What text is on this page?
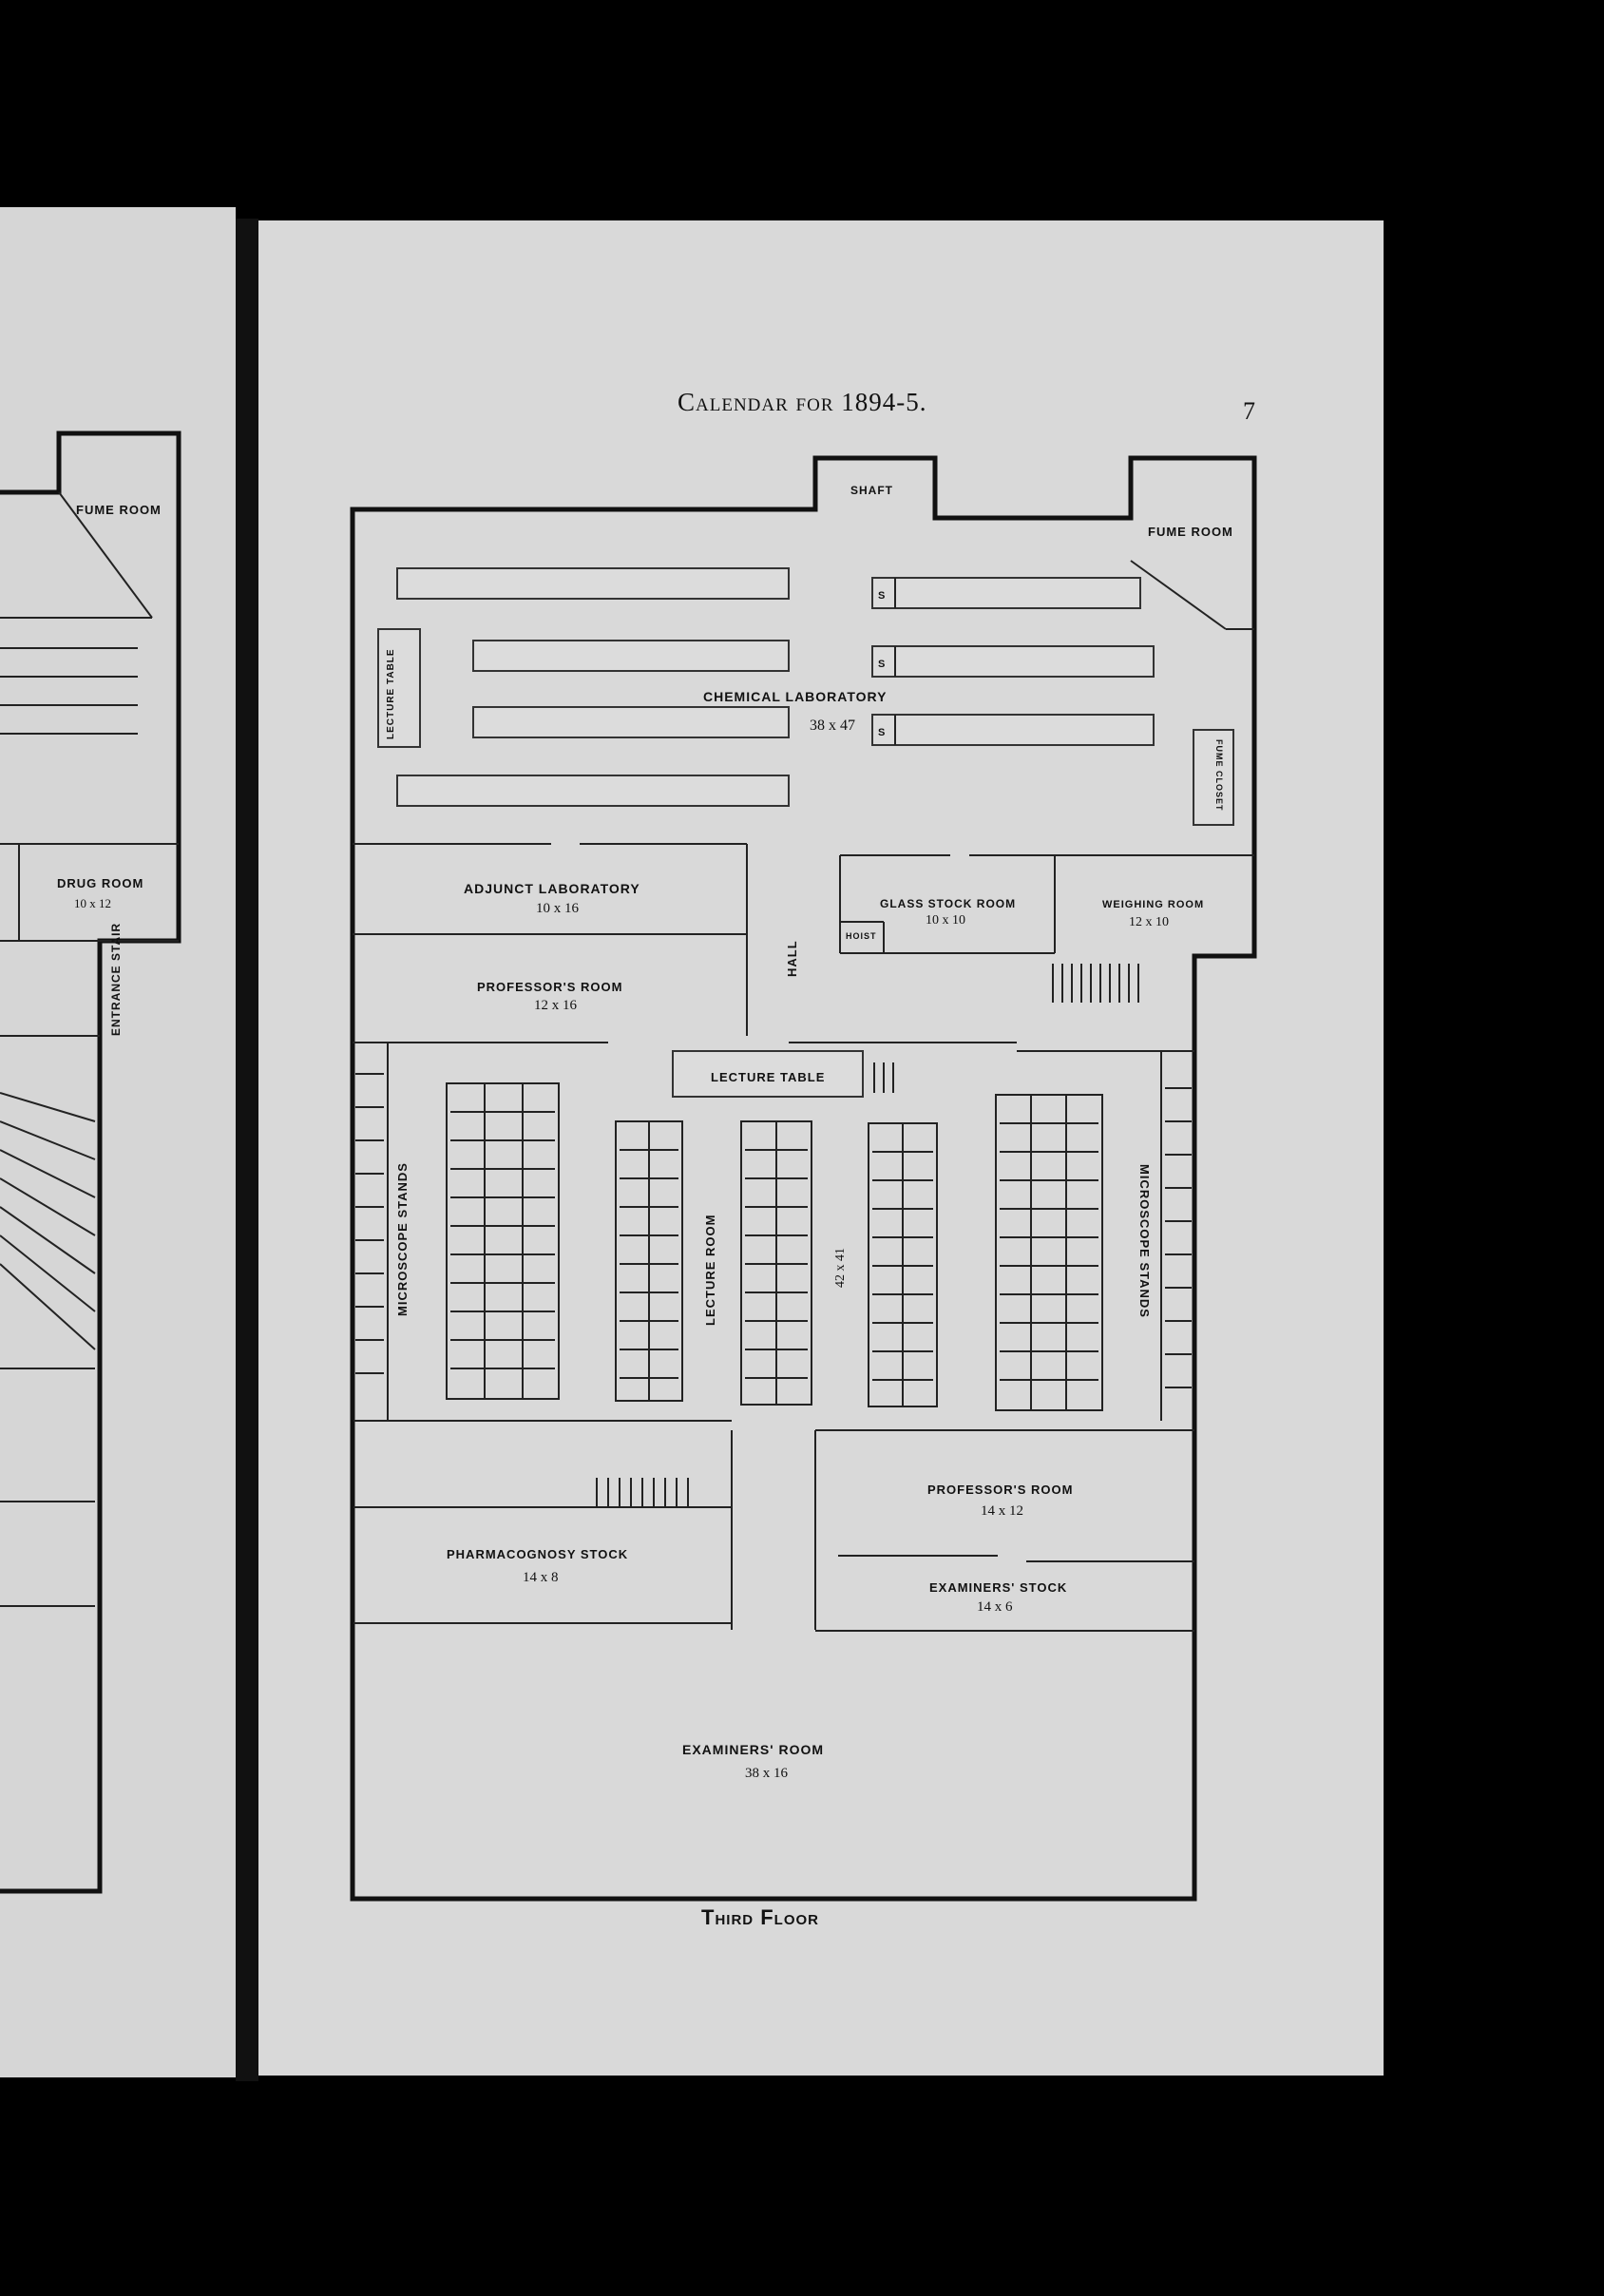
FUME ROOM
DRUG ROOM
10 x 12
ENTRANCE STAIR
Calendar for 1894-5.	7
S
S
S
LECTURE TABLE
FUME CLOSET
SHAFT
FUME ROOM
CHEMICAL LABORATORY
38 x 47
ADJUNCT LABORATORY
10 x 16
HALL
GLASS STOCK ROOM
10 x 10
HOIST
WEIGHING ROOM
12 x 10
PROFESSOR'S ROOM
12 x 16
LECTURE TABLE
MICROSCOPE STANDS	MICROSCOPE STANDS
LECTURE ROOM	42 x 41
PROFESSOR'S ROOM
14 x 12
PHARMACOGNOSY STOCK
14 x 8
EXAMINERS' STOCK
14 x 6
EXAMINERS' ROOM
38 x 16
Third Floor
